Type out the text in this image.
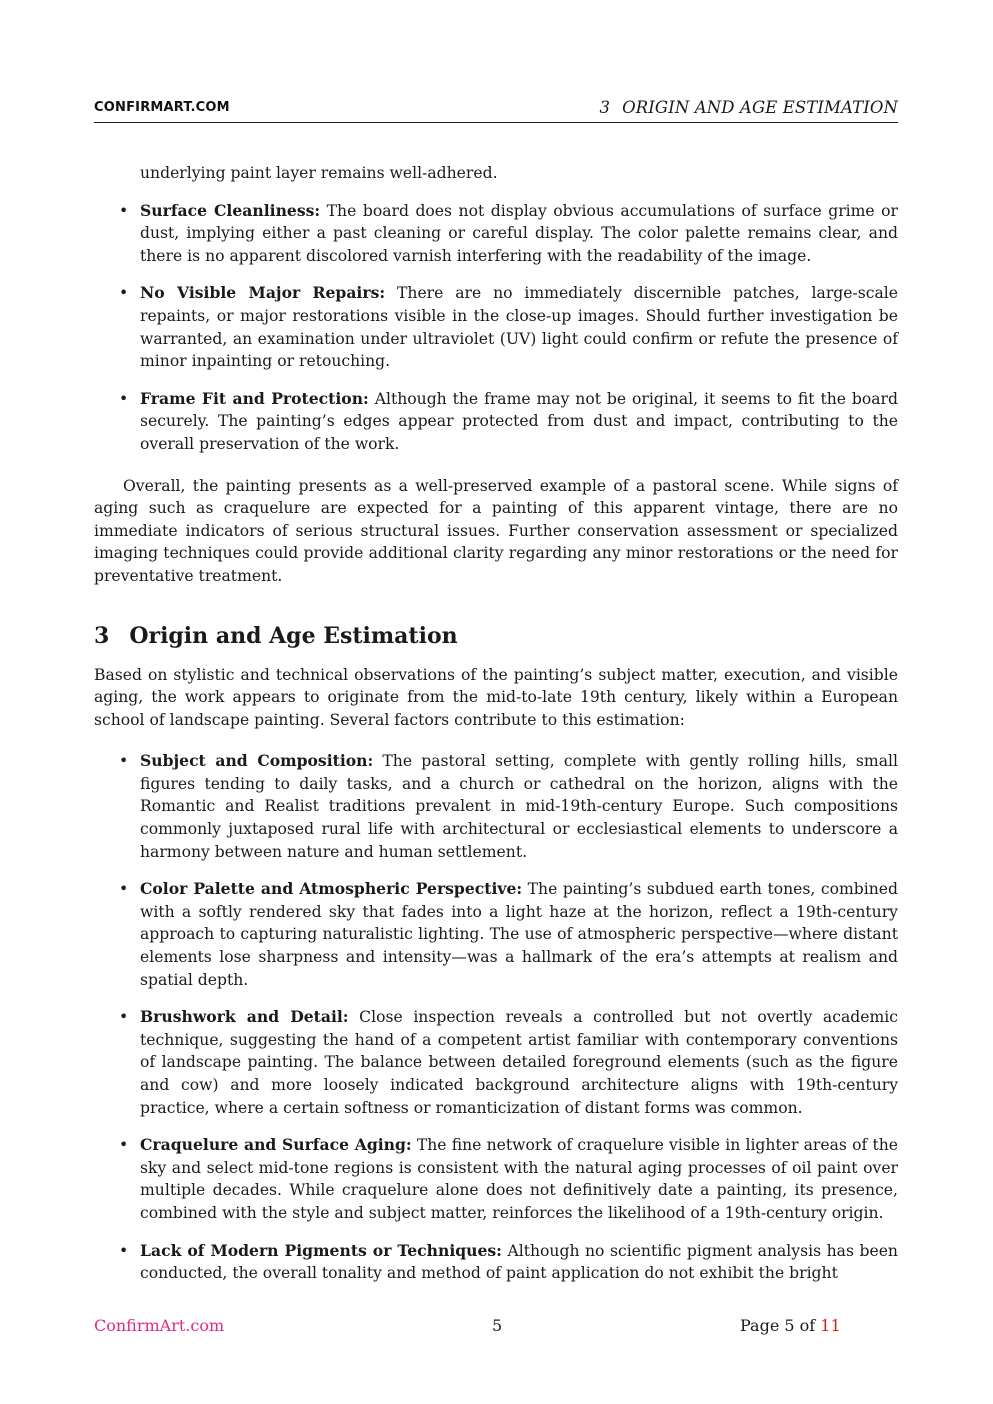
CONFIRMART.COM	3 ORIGIN AND AGE ESTIMATION

underlying paint layer remains well-adhered.

• Surface Cleanliness: The board does not display obvious accumulations of surface grime or dust, implying either a past cleaning or careful display. The color palette remains clear, and there is no apparent discolored varnish interfering with the readability of the image.
• No Visible Major Repairs: There are no immediately discernible patches, large-scale repaints, or major restorations visible in the close-up images. Should further investigation be warranted, an examination under ultraviolet (UV) light could confirm or refute the presence of minor inpainting or retouching.
• Frame Fit and Protection: Although the frame may not be original, it seems to fit the board securely. The painting’s edges appear protected from dust and impact, contributing to the overall preservation of the work.

Overall, the painting presents as a well-preserved example of a pastoral scene. While signs of aging such as craquelure are expected for a painting of this apparent vintage, there are no immediate indicators of serious structural issues. Further conservation assessment or specialized imaging techniques could provide additional clarity regarding any minor restorations or the need for preventative treatment.

3 Origin and Age Estimation

Based on stylistic and technical observations of the painting’s subject matter, execution, and visible aging, the work appears to originate from the mid-to-late 19th century, likely within a European school of landscape painting. Several factors contribute to this estimation:

• Subject and Composition: The pastoral setting, complete with gently rolling hills, small figures tending to daily tasks, and a church or cathedral on the horizon, aligns with the Romantic and Realist traditions prevalent in mid-19th-century Europe. Such compositions commonly juxtaposed rural life with architectural or ecclesiastical elements to underscore a harmony between nature and human settlement.
• Color Palette and Atmospheric Perspective: The painting’s subdued earth tones, combined with a softly rendered sky that fades into a light haze at the horizon, reflect a 19th-century approach to capturing naturalistic lighting. The use of atmospheric perspective—where distant elements lose sharpness and intensity—was a hallmark of the era’s attempts at realism and spatial depth.
• Brushwork and Detail: Close inspection reveals a controlled but not overtly academic technique, suggesting the hand of a competent artist familiar with contemporary conventions of landscape painting. The balance between detailed foreground elements (such as the figure and cow) and more loosely indicated background architecture aligns with 19th-century practice, where a certain softness or romanticization of distant forms was common.
• Craquelure and Surface Aging: The fine network of craquelure visible in lighter areas of the sky and select mid-tone regions is consistent with the natural aging processes of oil paint over multiple decades. While craquelure alone does not definitively date a painting, its presence, combined with the style and subject matter, reinforces the likelihood of a 19th-century origin.
• Lack of Modern Pigments or Techniques: Although no scientific pigment analysis has been conducted, the overall tonality and method of paint application do not exhibit the bright
ConfirmArt.com	5	Page 5 of 11
